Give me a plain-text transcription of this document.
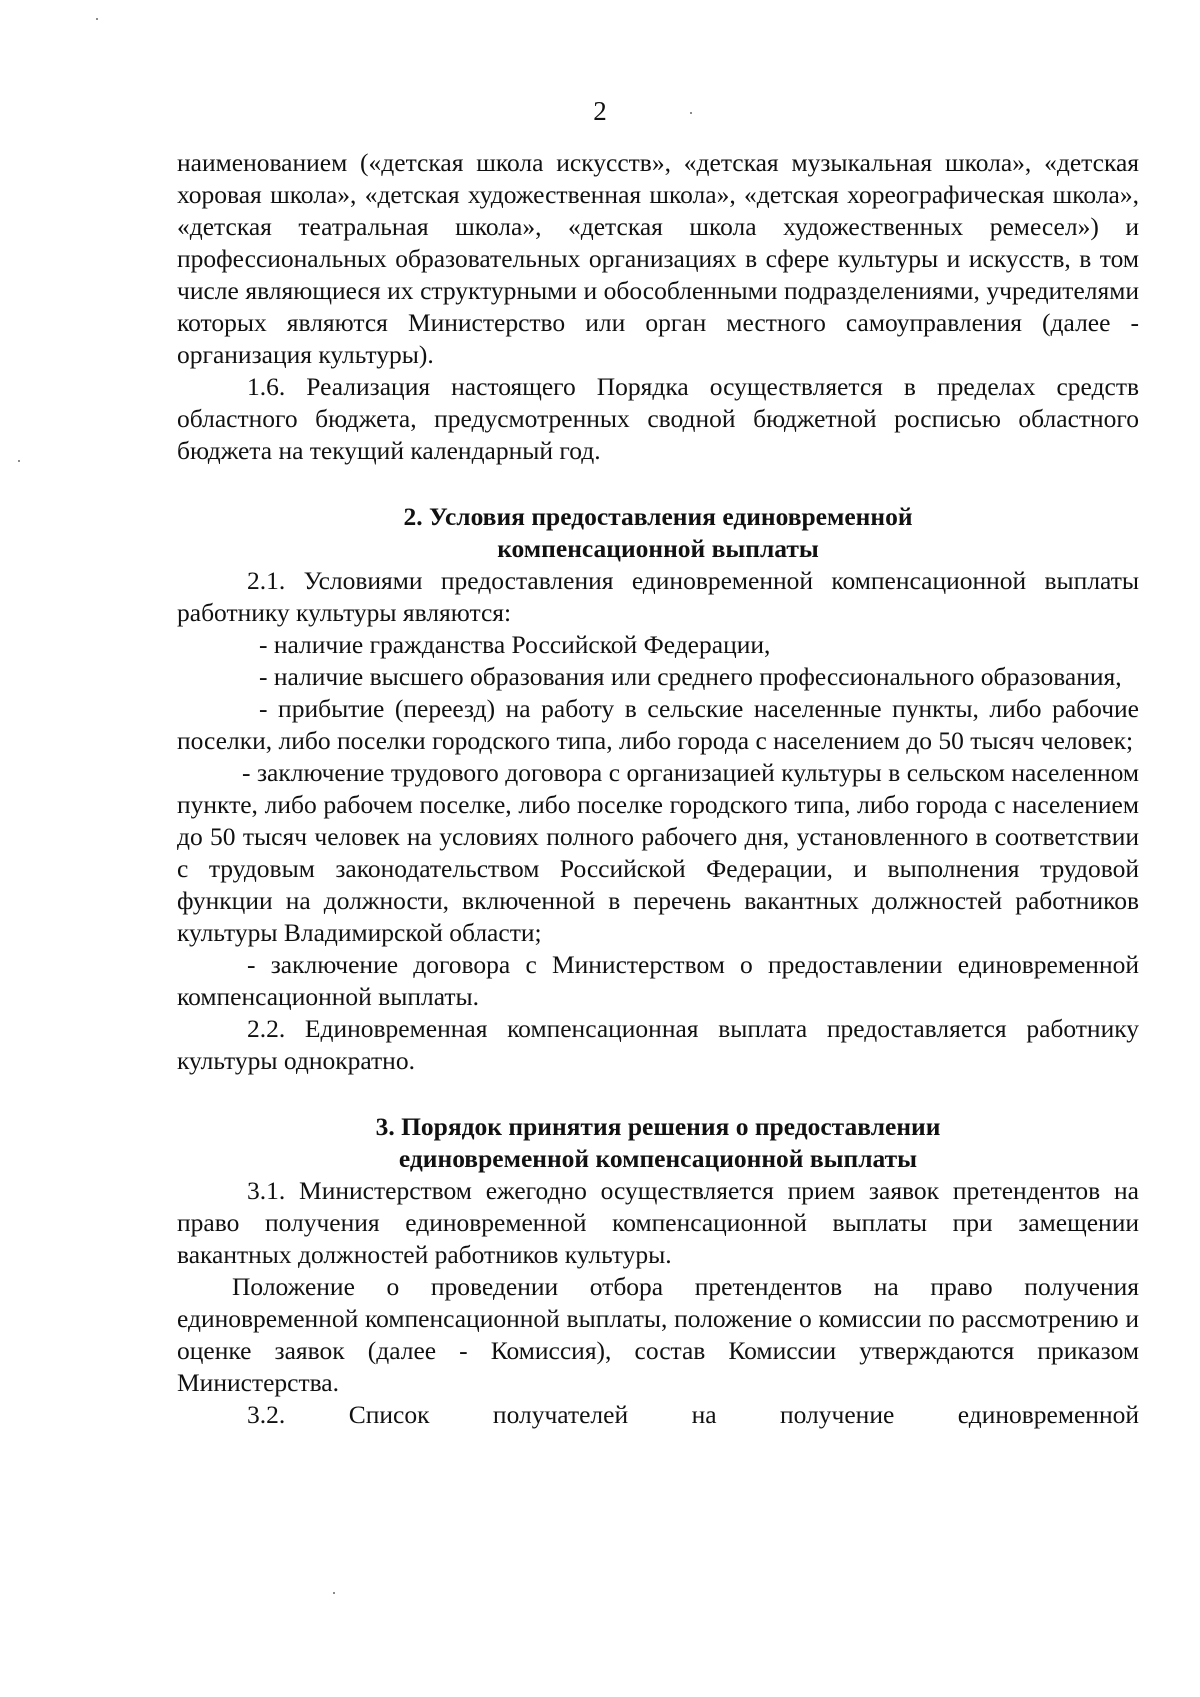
2

наименованием («детская школа искусств», «детская музыкальная школа», «детская хоровая школа», «детская художественная школа», «детская хореографическая школа», «детская театральная школа», «детская школа художественных ремесел») и профессиональных образовательных организациях в сфере культуры и искусств, в том числе являющиеся их структурными и обособленными подразделениями, учредителями которых являются Министерство или орган местного самоуправления (далее - организация культуры).

1.6. Реализация настоящего Порядка осуществляется в пределах средств областного бюджета, предусмотренных сводной бюджетной росписью областного бюджета на текущий календарный год.

2. Условия предоставления единовременной

компенсационной выплаты

2.1. Условиями предоставления единовременной компенсационной выплаты работнику культуры являются:

- наличие гражданства Российской Федерации,

- наличие высшего образования или среднего профессионального образования,

- прибытие (переезд) на работу в сельские населенные пункты, либо рабочие поселки, либо поселки городского типа, либо города с населением до 50 тысяч человек;

- заключение трудового договора с организацией культуры в сельском населенном пункте, либо рабочем поселке, либо поселке городского типа, либо города с населением до 50 тысяч человек на условиях полного рабочего дня, установленного в соответствии с трудовым законодательством Российской Федерации, и выполнения трудовой функции на должности, включенной в перечень вакантных должностей работников культуры Владимирской области;

- заключение договора с Министерством о предоставлении единовременной компенсационной выплаты.

2.2. Единовременная компенсационная выплата предоставляется работнику культуры однократно.

3. Порядок принятия решения о предоставлении

единовременной компенсационной выплаты

3.1. Министерством ежегодно осуществляется прием заявок претендентов на право получения единовременной компенсационной выплаты при замещении вакантных должностей работников культуры.

Положение о проведении отбора претендентов на право получения единовременной компенсационной выплаты, положение о комиссии по рассмотрению и оценке заявок (далее - Комиссия), состав Комиссии утверждаются приказом Министерства.

3.2. Список получателей на получение единовременной
